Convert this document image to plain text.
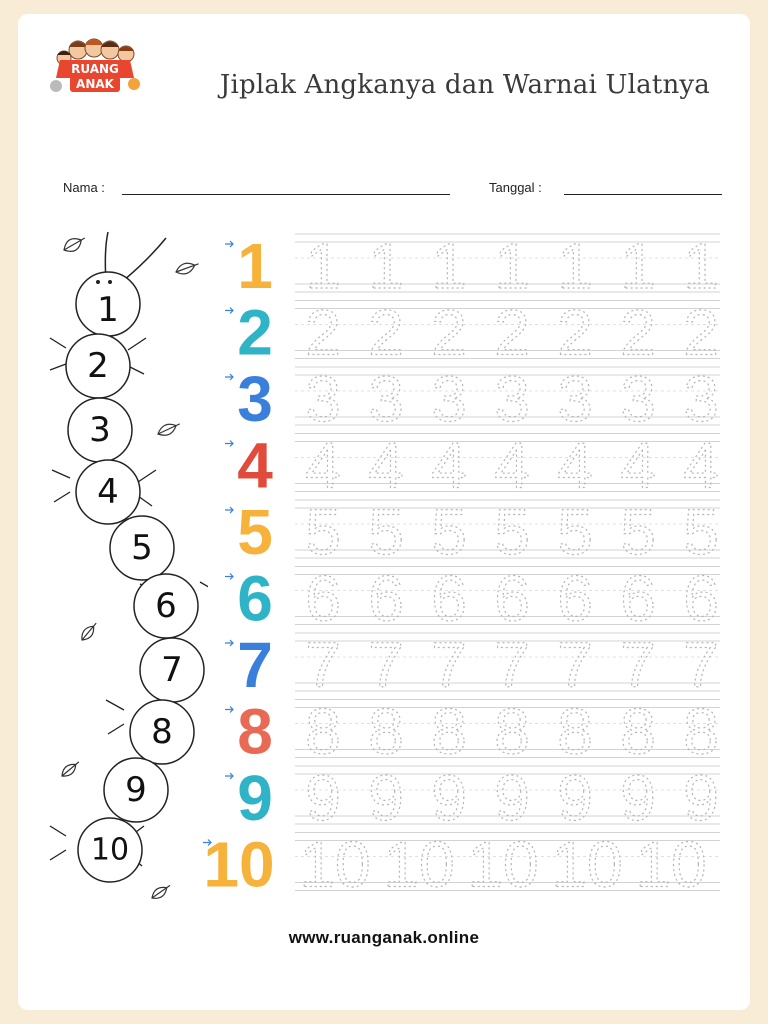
RUANG
ANAK	Jiplak Angkanya dan Warnai Ulatnya
Nama :	Tanggal :
1
2
3
4
5
6
7
8
9
10
1 1 1 1 1 1 1 1
2 2 2 2 2 2 2 2
3 3 3 3 3 3 3 3
4 4 4 4 4 4 4 4
5 5 5 5 5 5 5 5
6 6 6 6 6 6 6 6
7 7 7 7 7 7 7 7
8 8 8 8 8 8 8 8
9 9 9 9 9 9 9 9
10 10 10 10 10 10
www.ruanganak.online
